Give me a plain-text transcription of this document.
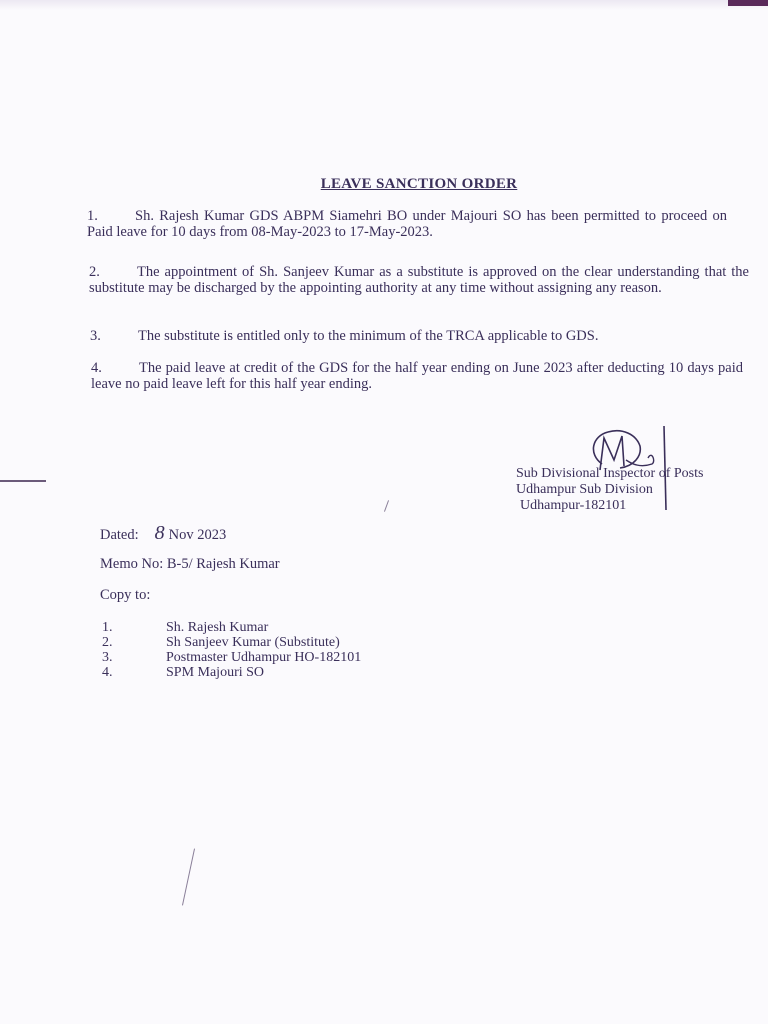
LEAVE SANCTION ORDER
1.	Sh. Rajesh Kumar GDS ABPM Siamehri BO under Majouri SO has been permitted to proceed on Paid leave for 10 days from 08-May-2023 to 17-May-2023.
2.	The appointment of Sh. Sanjeev Kumar as a substitute is approved on the clear understanding that the substitute may be discharged by the appointing authority at any time without assigning any reason.
3.	The substitute is entitled only to the minimum of the TRCA applicable to GDS.
4.	The paid leave at credit of the GDS for the half year ending on June 2023 after deducting 10 days paid leave no paid leave left for this half year ending.
Sub Divisional Inspector of Posts
Udhampur Sub Division
Udhampur-182101
Dated: 8 Nov 2023
Memo No: B-5/ Rajesh Kumar
Copy to:
1.	Sh. Rajesh Kumar
2.	Sh Sanjeev Kumar (Substitute)
3.	Postmaster Udhampur HO-182101
4.	SPM Majouri SO
